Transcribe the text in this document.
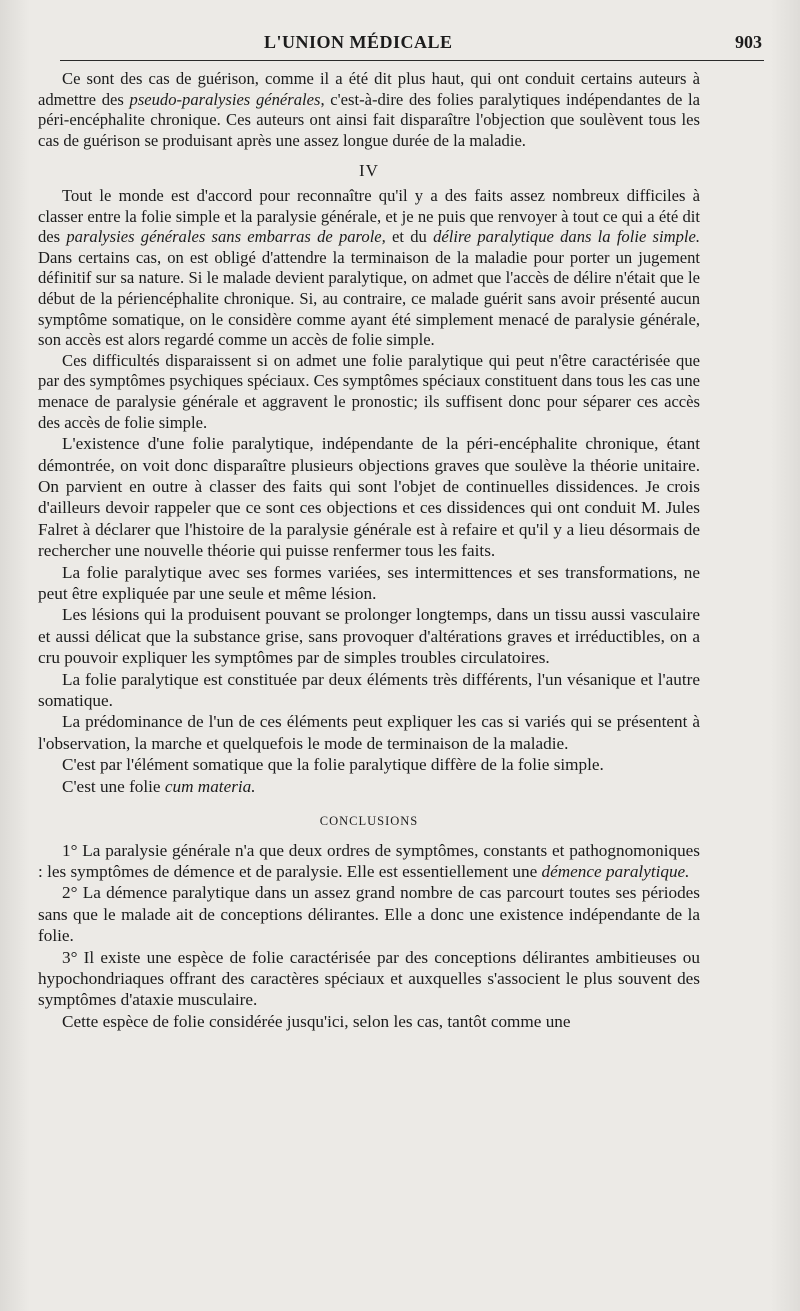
L'UNION MÉDICALE	903

Ce sont des cas de guérison, comme il a été dit plus haut, qui ont conduit certains auteurs à admettre des pseudo-paralysies générales, c'est-à-dire des folies paralytiques indépendantes de la péri-encéphalite chronique. Ces auteurs ont ainsi fait disparaître l'objection que soulèvent tous les cas de guérison se produisant après une assez longue durée de la maladie.

IV

Tout le monde est d'accord pour reconnaître qu'il y a des faits assez nombreux difficiles à classer entre la folie simple et la paralysie générale, et je ne puis que renvoyer à tout ce qui a été dit des paralysies générales sans embarras de parole, et du délire paralytique dans la folie simple. Dans certains cas, on est obligé d'attendre la terminaison de la maladie pour porter un jugement définitif sur sa nature. Si le malade devient paralytique, on admet que l'accès de délire n'était que le début de la périencéphalite chronique. Si, au contraire, ce malade guérit sans avoir présenté aucun symptôme somatique, on le considère comme ayant été simplement menacé de paralysie générale, son accès est alors regardé comme un accès de folie simple.

Ces difficultés disparaissent si on admet une folie paralytique qui peut n'être caractérisée que par des symptômes psychiques spéciaux. Ces symptômes spéciaux constituent dans tous les cas une menace de paralysie générale et aggravent le pronostic; ils suffisent donc pour séparer ces accès des accès de folie simple.

L'existence d'une folie paralytique, indépendante de la péri-encéphalite chronique, étant démontrée, on voit donc disparaître plusieurs objections graves que soulève la théorie unitaire. On parvient en outre à classer des faits qui sont l'objet de continuelles dissidences. Je crois d'ailleurs devoir rappeler que ce sont ces objections et ces dissidences qui ont conduit M. Jules Falret à déclarer que l'histoire de la paralysie générale est à refaire et qu'il y a lieu désormais de rechercher une nouvelle théorie qui puisse renfermer tous les faits.

La folie paralytique avec ses formes variées, ses intermittences et ses transformations, ne peut être expliquée par une seule et même lésion.

Les lésions qui la produisent pouvant se prolonger longtemps, dans un tissu aussi vasculaire et aussi délicat que la substance grise, sans provoquer d'altérations graves et irréductibles, on a cru pouvoir expliquer les symptômes par de simples troubles circulatoires.

La folie paralytique est constituée par deux éléments très différents, l'un vésanique et l'autre somatique.

La prédominance de l'un de ces éléments peut expliquer les cas si variés qui se présentent à l'observation, la marche et quelquefois le mode de terminaison de la maladie.

C'est par l'élément somatique que la folie paralytique diffère de la folie simple.

C'est une folie cum materia.

CONCLUSIONS

1° La paralysie générale n'a que deux ordres de symptômes, constants et pathognomoniques : les symptômes de démence et de paralysie. Elle est essentiellement une démence paralytique.

2° La démence paralytique dans un assez grand nombre de cas parcourt toutes ses périodes sans que le malade ait de conceptions délirantes. Elle a donc une existence indépendante de la folie.

3° Il existe une espèce de folie caractérisée par des conceptions délirantes ambitieuses ou hypochondriaques offrant des caractères spéciaux et auxquelles s'associent le plus souvent des symptômes d'ataxie musculaire.

Cette espèce de folie considérée jusqu'ici, selon les cas, tantôt comme une
